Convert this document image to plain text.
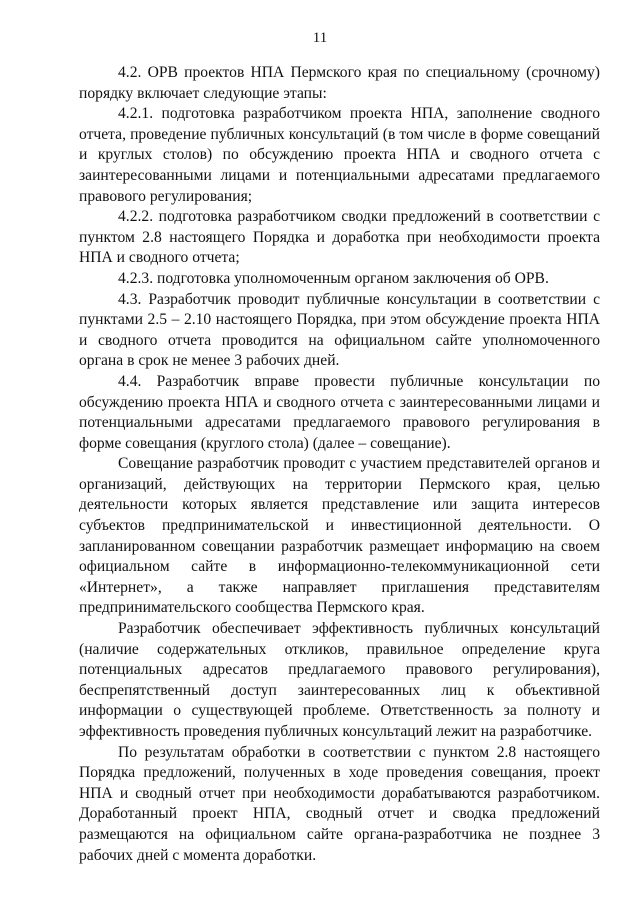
11

4.2. ОРВ проектов НПА Пермского края по специальному (срочному) порядку включает следующие этапы:

4.2.1. подготовка разработчиком проекта НПА, заполнение сводного отчета, проведение публичных консультаций (в том числе в форме совещаний и круглых столов) по обсуждению проекта НПА и сводного отчета с заинтересованными лицами и потенциальными адресатами предлагаемого правового регулирования;

4.2.2. подготовка разработчиком сводки предложений в соответствии с пунктом 2.8 настоящего Порядка и доработка при необходимости проекта НПА и сводного отчета;

4.2.3. подготовка уполномоченным органом заключения об ОРВ.

4.3. Разработчик проводит публичные консультации в соответствии с пунктами 2.5 – 2.10 настоящего Порядка, при этом обсуждение проекта НПА и сводного отчета проводится на официальном сайте уполномоченного органа в срок не менее 3 рабочих дней.

4.4. Разработчик вправе провести публичные консультации по обсуждению проекта НПА и сводного отчета с заинтересованными лицами и потенциальными адресатами предлагаемого правового регулирования в форме совещания (круглого стола) (далее – совещание).

Совещание разработчик проводит с участием представителей органов и организаций, действующих на территории Пермского края, целью деятельности которых является представление или защита интересов субъектов предпринимательской и инвестиционной деятельности. О запланированном совещании разработчик размещает информацию на своем официальном сайте в информационно-телекоммуникационной сети «Интернет», а также направляет приглашения представителям предпринимательского сообщества Пермского края.

Разработчик обеспечивает эффективность публичных консультаций (наличие содержательных откликов, правильное определение круга потенциальных адресатов предлагаемого правового регулирования), беспрепятственный доступ заинтересованных лиц к объективной информации о существующей проблеме. Ответственность за полноту и эффективность проведения публичных консультаций лежит на разработчике.

По результатам обработки в соответствии с пунктом 2.8 настоящего Порядка предложений, полученных в ходе проведения совещания, проект НПА и сводный отчет при необходимости дорабатываются разработчиком. Доработанный проект НПА, сводный отчет и сводка предложений размещаются на официальном сайте органа-разработчика не позднее 3 рабочих дней с момента доработки.
